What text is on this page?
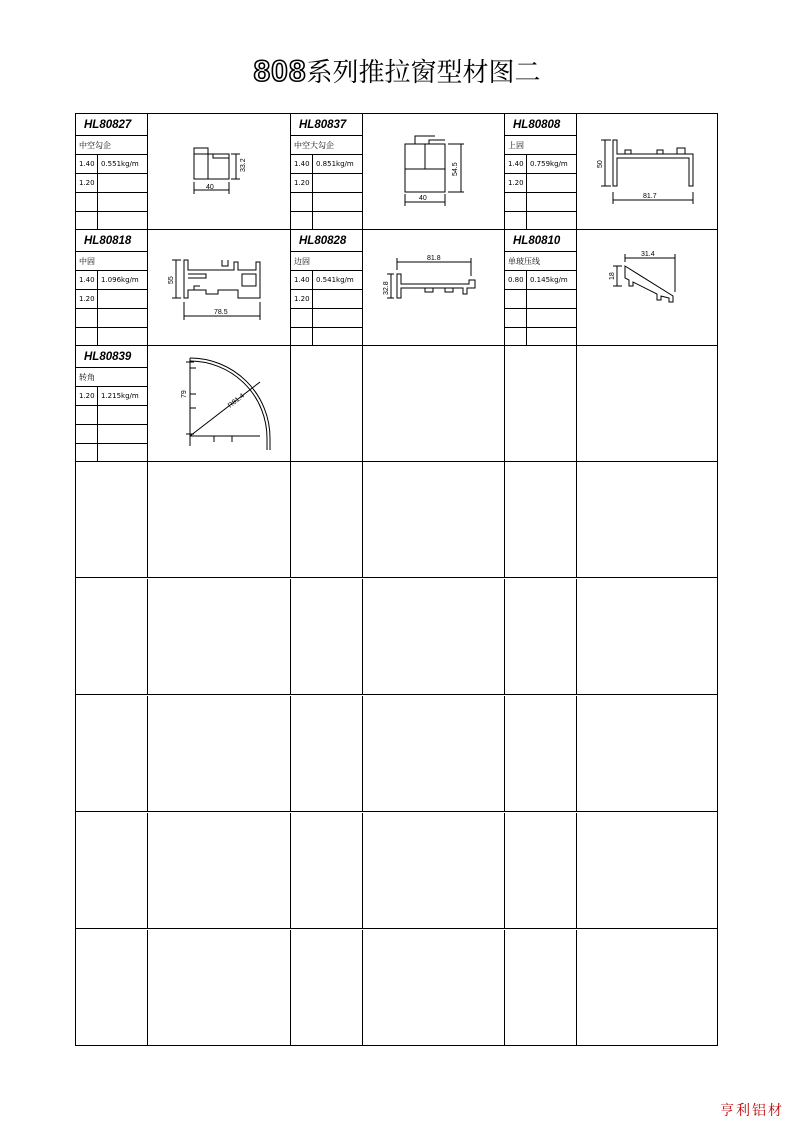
808系列推拉窗型材图二
HL80827
中空勾企
1.40 0.551kg/m
1.20
40
33.2
HL80837
中空大勾企
1.40 0.851kg/m
1.20
40
54.5
HL80808
上固
1.40 0.759kg/m
1.20
81.7
50
HL80818
中固
1.40 1.096kg/m
1.20
78.5
55
HL80828
边固
1.40 0.541kg/m
1.20
81.8
32.8
HL80810
单玻压线
0.80 0.145kg/m
31.4
18
HL80839
转角
1.20 1.215kg/m	R81.4
79
亨利铝材
